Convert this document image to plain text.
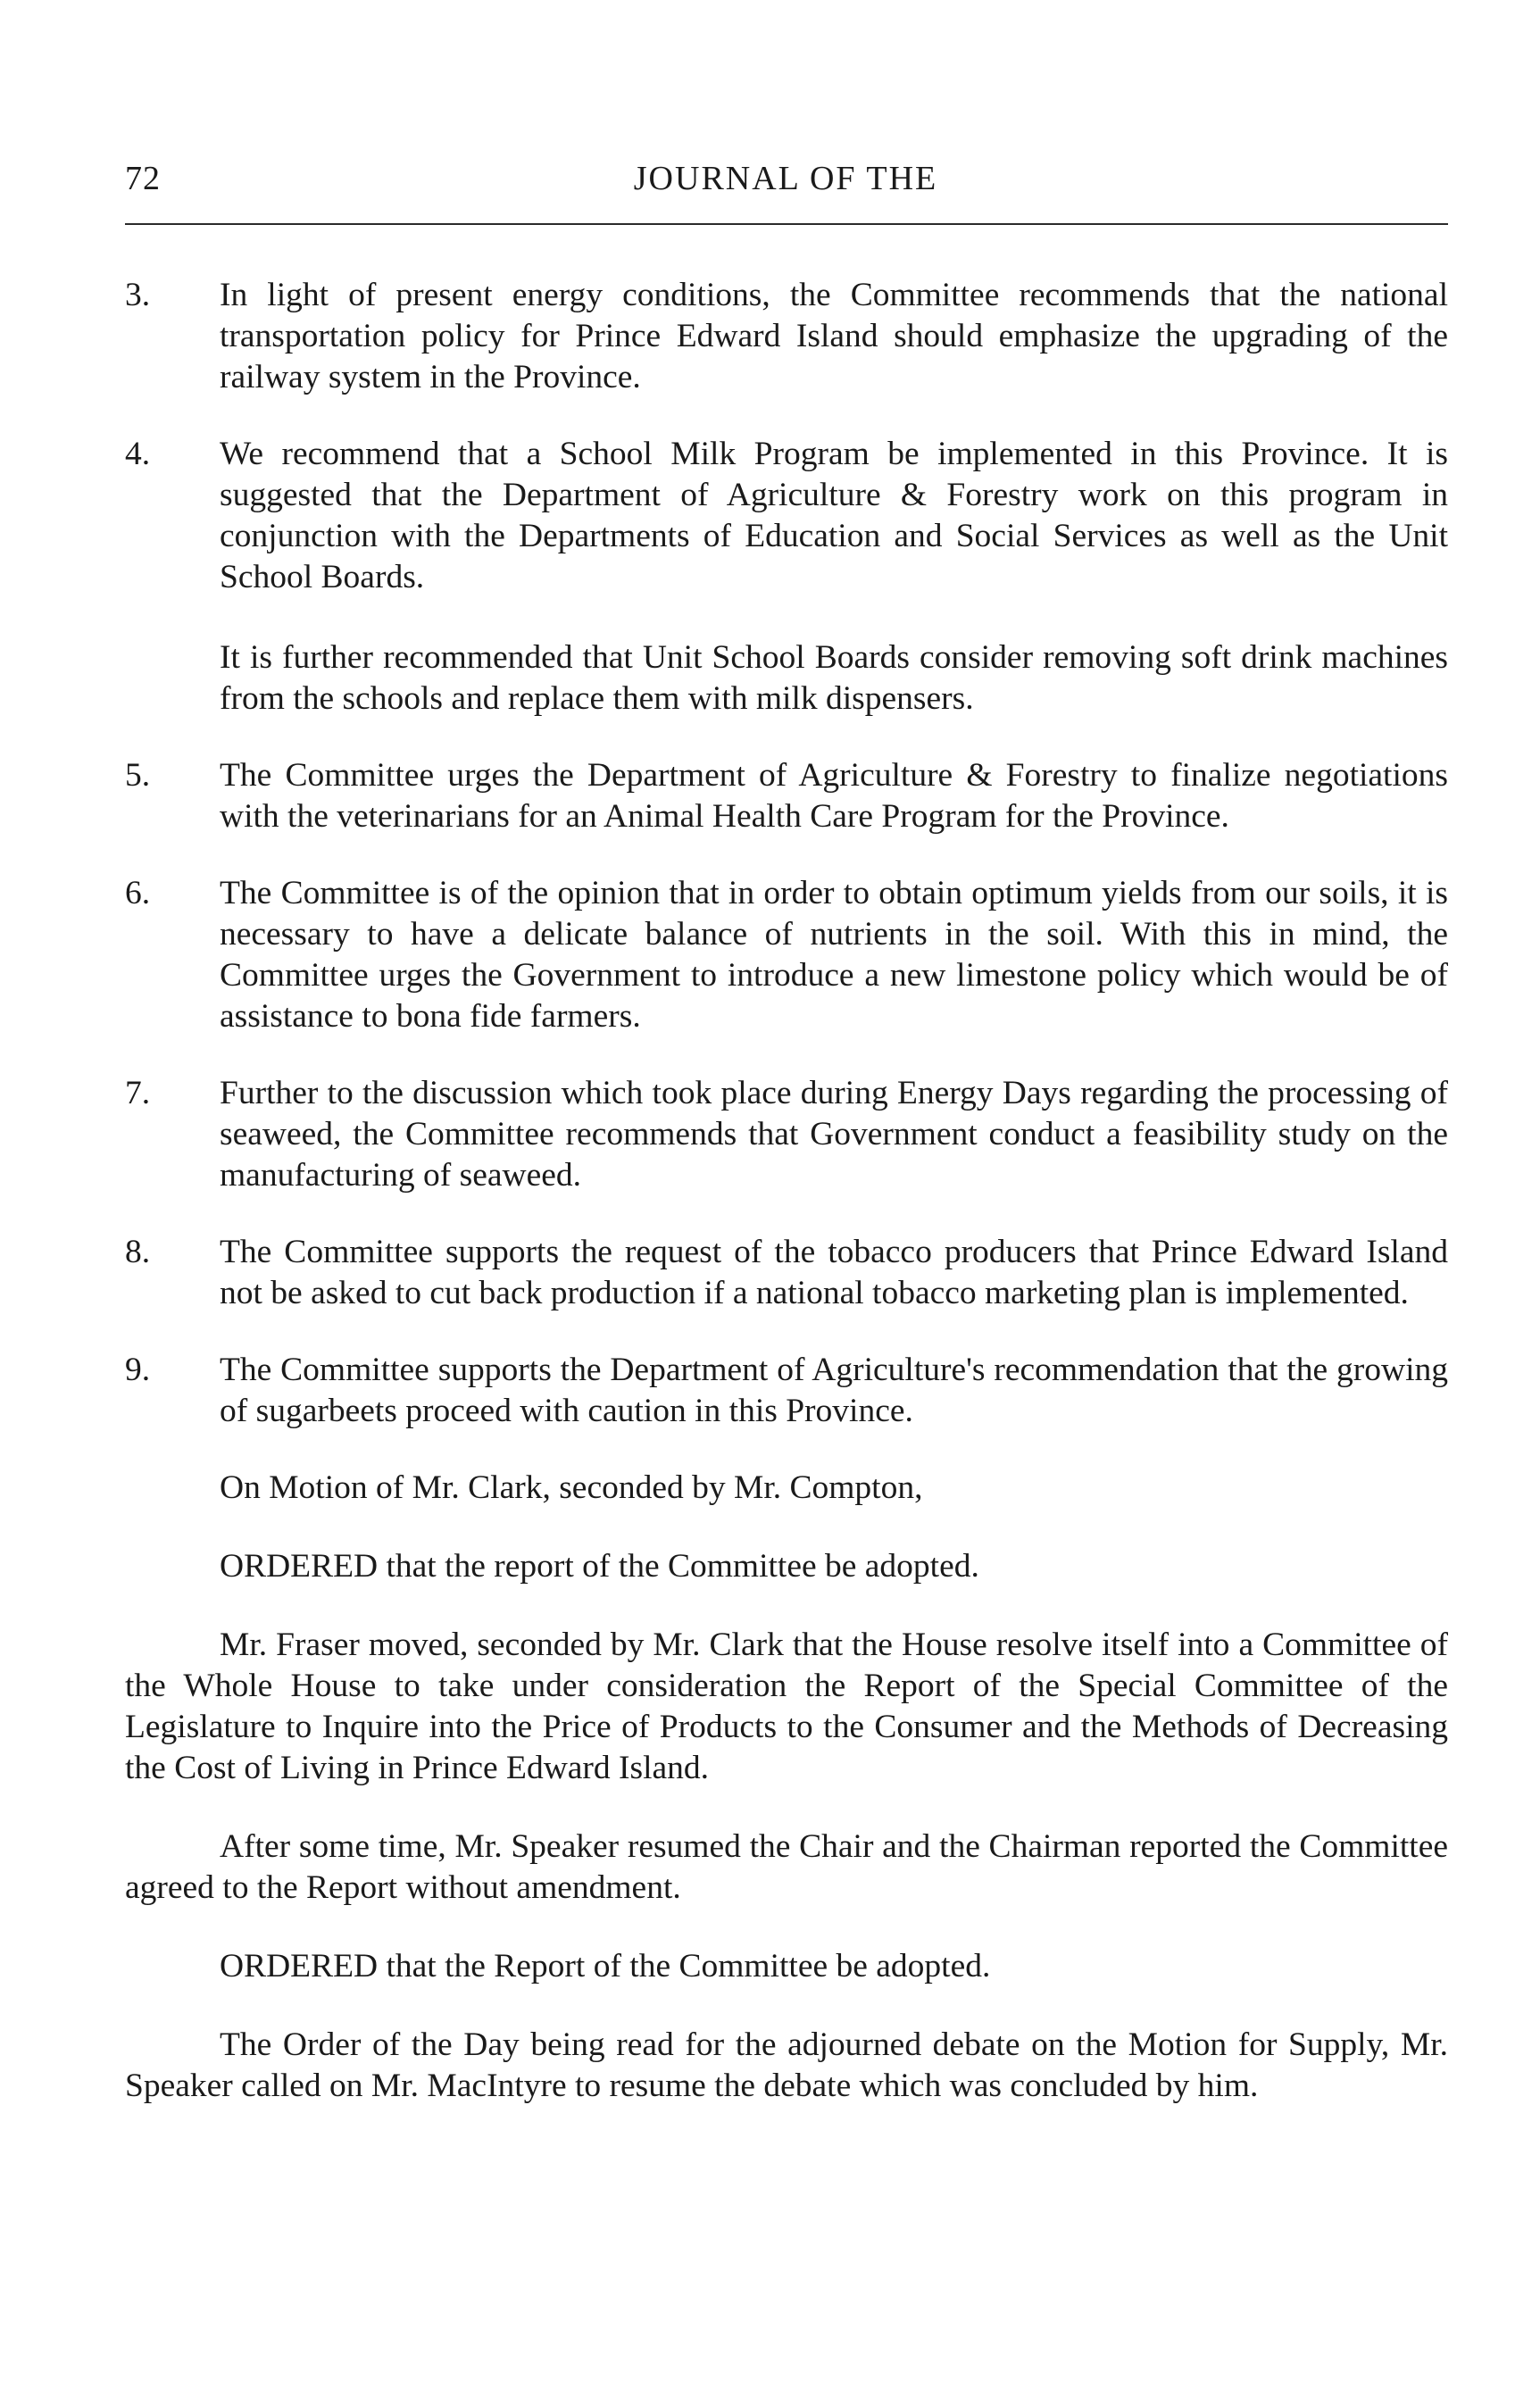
72	JOURNAL OF THE
3. In light of present energy conditions, the Committee recommends that the national transportation policy for Prince Edward Island should emphasize the upgrading of the railway system in the Province.
4. We recommend that a School Milk Program be implemented in this Province. It is suggested that the Department of Agriculture & Forestry work on this program in conjunction with the Departments of Education and Social Services as well as the Unit School Boards.
It is further recommended that Unit School Boards consider removing soft drink machines from the schools and replace them with milk dispensers.
5. The Committee urges the Department of Agriculture & Forestry to finalize negotiations with the veterinarians for an Animal Health Care Program for the Province.
6. The Committee is of the opinion that in order to obtain optimum yields from our soils, it is necessary to have a delicate balance of nutrients in the soil. With this in mind, the Committee urges the Government to introduce a new limestone policy which would be of assistance to bona fide farmers.
7. Further to the discussion which took place during Energy Days regarding the processing of seaweed, the Committee recommends that Government conduct a feasibility study on the manufacturing of seaweed.
8. The Committee supports the request of the tobacco producers that Prince Edward Island not be asked to cut back production if a national tobacco marketing plan is implemented.
9. The Committee supports the Department of Agriculture's recommendation that the growing of sugarbeets proceed with caution in this Province.
On Motion of Mr. Clark, seconded by Mr. Compton,
ORDERED that the report of the Committee be adopted.
Mr. Fraser moved, seconded by Mr. Clark that the House resolve itself into a Committee of the Whole House to take under consideration the Report of the Special Committee of the Legislature to Inquire into the Price of Products to the Consumer and the Methods of Decreasing the Cost of Living in Prince Edward Island.
After some time, Mr. Speaker resumed the Chair and the Chairman reported the Committee agreed to the Report without amendment.
ORDERED that the Report of the Committee be adopted.
The Order of the Day being read for the adjourned debate on the Motion for Supply, Mr. Speaker called on Mr. MacIntyre to resume the debate which was concluded by him.
